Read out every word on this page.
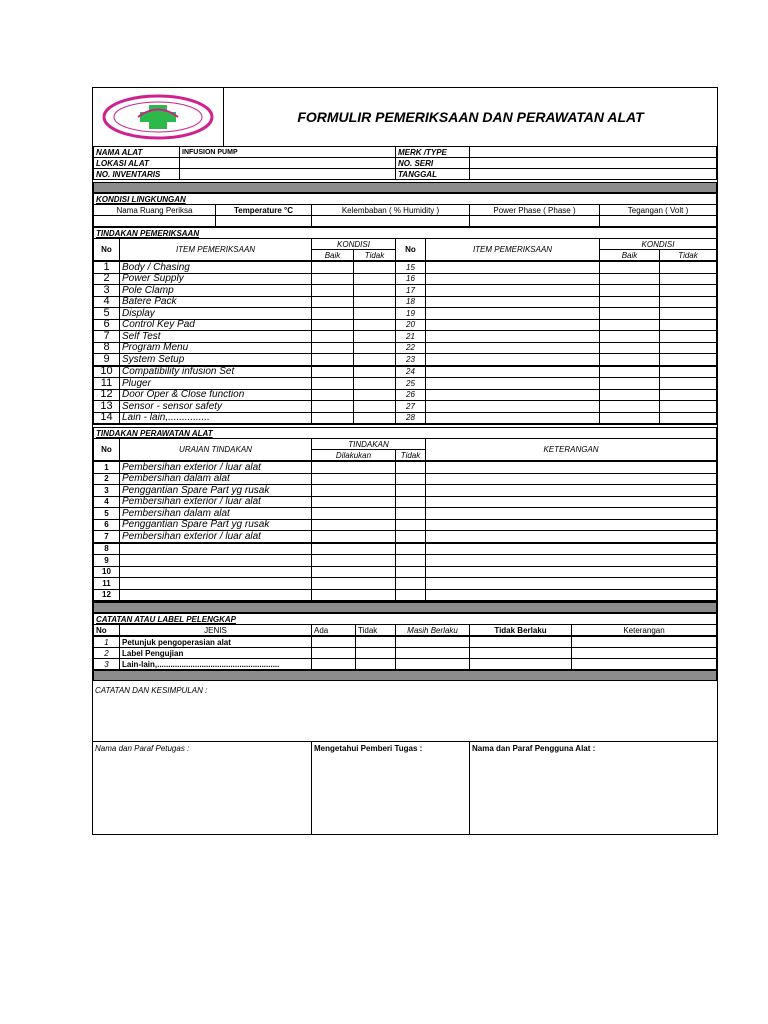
FORMULIR PEMERIKSAAN DAN PERAWATAN ALAT
NAMA ALAT	INFUSION PUMP	MERK /TYPE	
LOKASI ALAT		NO. SERI	
NO. INVENTARIS		TANGGAL	
KONDISI LINGKUNGAN				
Nama Ruang Periksa	Temperature °C	Kelembaban ( % Humidity )	Power Phase ( Phase )	Tegangan ( Volt )

TINDAKAN PEMERIKSAAN							
No	ITEM PEMERIKSAAN	KONDISI		No	ITEM PEMERIKSAAN	KONDISI	
		Baik	Tidak			Baik	Tidak
1	Body / Chasing			15			
2	Power Supply			16			
3	Pole Clamp			17			
4	Batere Pack			18			
5	Display			19			
6	Control Key Pad			20			
7	Self Test			21			
8	Program Menu			22			
9	System Setup			23			
10	Compatibility infusion Set			24			
11	Pluger			25			
12	Door Oper & Close function			26			
13	Sensor - sensor safety			27			
14	Lain - lain,...............			28			
TINDAKAN PERAWATAN ALAT				
No	URAIAN TINDAKAN	TINDAKAN		KETERANGAN
		Dilakukan	Tidak	
1	Pembersihan exterior / luar alat			
2	Pembersihan dalam alat			
3	Penggantian Spare Part yg rusak			
4	Pembersihan exterior / luar alat			
5	Pembersihan dalam alat			
6	Penggantian Spare Part yg rusak			
7	Pembersihan exterior / luar alat			
8				
9				
10				
11				
12				
CATATAN ATAU LABEL PELENGKAP
No	JENIS	Ada	Tidak	Masih Berlaku	Tidak Berlaku	Keterangan
1	Petunjuk pengoperasian alat					
2	Label Pengujian					
3	Lain-lain,.......................................................					
CATATAN DAN KESIMPULAN :
Nama dan Paraf Petugas :	Mengetahui Pemberi Tugas :	Nama dan Paraf Pengguna Alat :
